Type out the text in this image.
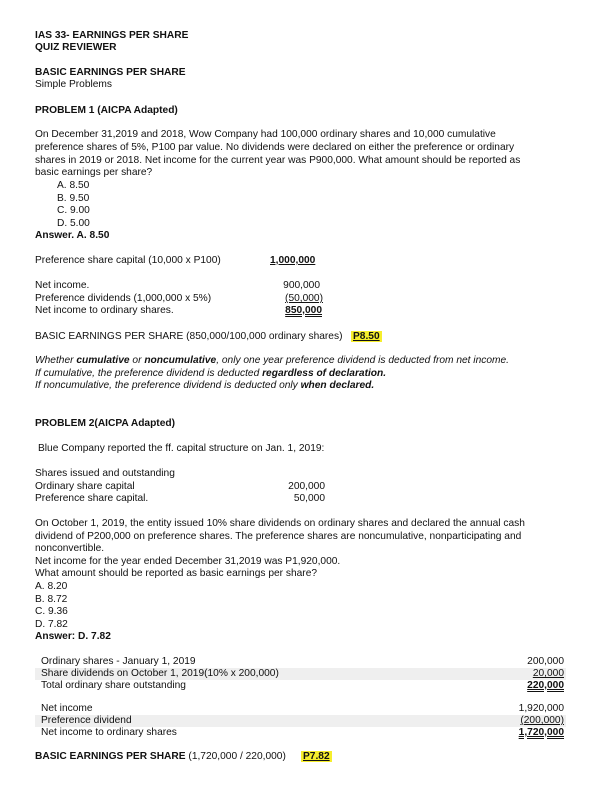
IAS 33- EARNINGS PER SHARE
QUIZ REVIEWER
BASIC EARNINGS PER SHARE
Simple Problems
PROBLEM 1 (AICPA Adapted)
On December 31,2019 and 2018, Wow Company had 100,000 ordinary shares and 10,000 cumulative
preference shares of 5%, P100 par value. No dividends were declared on either the preference or ordinary
shares in 2019 or 2018. Net income for the current year was P900,000. What amount should be reported as
basic earnings per share?
A. 8.50
B. 9.50
C. 9.00
D. 5.00
Answer. A. 8.50
Preference share capital (10,000 x P100)	1,000,000
Net income.	900,000
Preference dividends (1,000,000 x 5%)	(50,000)
Net income to ordinary shares.	850,000
BASIC EARNINGS PER SHARE (850,000/100,000 ordinary shares) P8.50
Whether cumulative or noncumulative, only one year preference dividend is deducted from net income.
If cumulative, the preference dividend is deducted regardless of declaration.
If noncumulative, the preference dividend is deducted only when declared.
PROBLEM 2(AICPA Adapted)
Blue Company reported the ff. capital structure on Jan. 1, 2019:
Shares issued and outstanding
Ordinary share capital	200,000
Preference share capital.	50,000
On October 1, 2019, the entity issued 10% share dividends on ordinary shares and declared the annual cash
dividend of P200,000 on preference shares. The preference shares are noncumulative, nonparticipating and
nonconvertible.
Net income for the year ended December 31,2019 was P1,920,000.
What amount should be reported as basic earnings per share?
A. 8.20
B. 8.72
C. 9.36
D. 7.82
Answer: D. 7.82
Ordinary shares - January 1, 2019	200,000
Share dividends on October 1, 2019(10% x 200,000)	20,000
Total ordinary share outstanding	220,000
Net income	1,920,000
Preference dividend	(200,000)
Net income to ordinary shares	1,720,000
BASIC EARNINGS PER SHARE (1,720,000 / 220,000) P7.82
